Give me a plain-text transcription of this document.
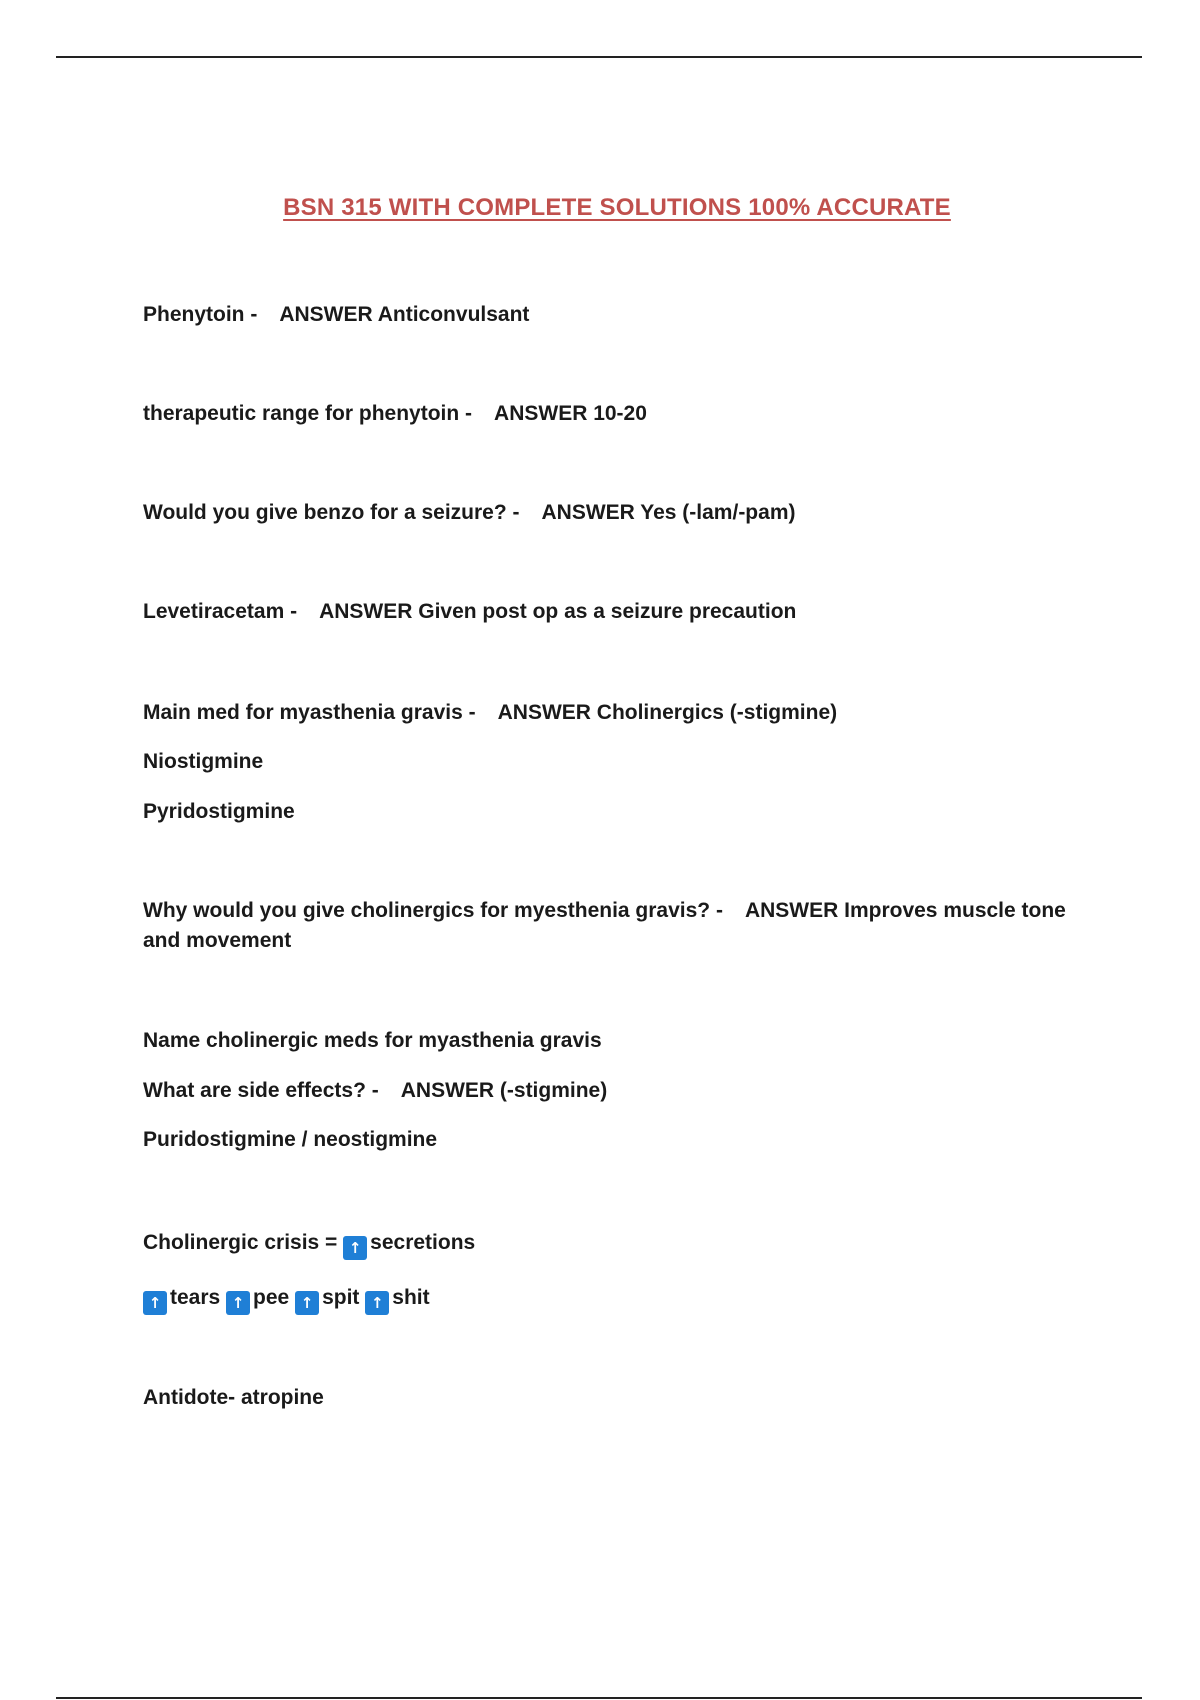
BSN 315 WITH COMPLETE SOLUTIONS 100% ACCURATE
Phenytoin - ANSWER Anticonvulsant
therapeutic range for phenytoin - ANSWER 10-20
Would you give benzo for a seizure? - ANSWER Yes (-lam/-pam)
Levetiracetam - ANSWER Given post op as a seizure precaution
Main med for myasthenia gravis - ANSWER Cholinergics (-stigmine)
Niostigmine
Pyridostigmine
Why would you give cholinergics for myesthenia gravis? - ANSWER Improves muscle tone and movement
Name cholinergic meds for myasthenia gravis
What are side effects? - ANSWER (-stigmine)
Puridostigmine / neostigmine
Cholinergic crisis = ↑ secretions
↑tears ↑ pee ↑ spit ↑ shit
Antidote- atropine
